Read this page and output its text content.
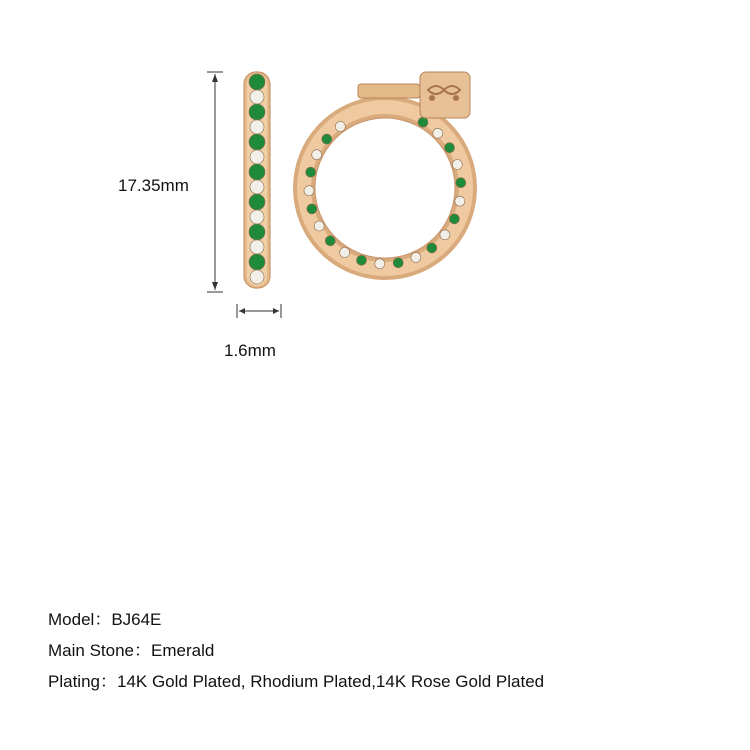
17.35mm
1.6mm
Model：BJ64E
Main Stone：Emerald
Plating：14K Gold Plated, Rhodium Plated,14K Rose Gold Plated
